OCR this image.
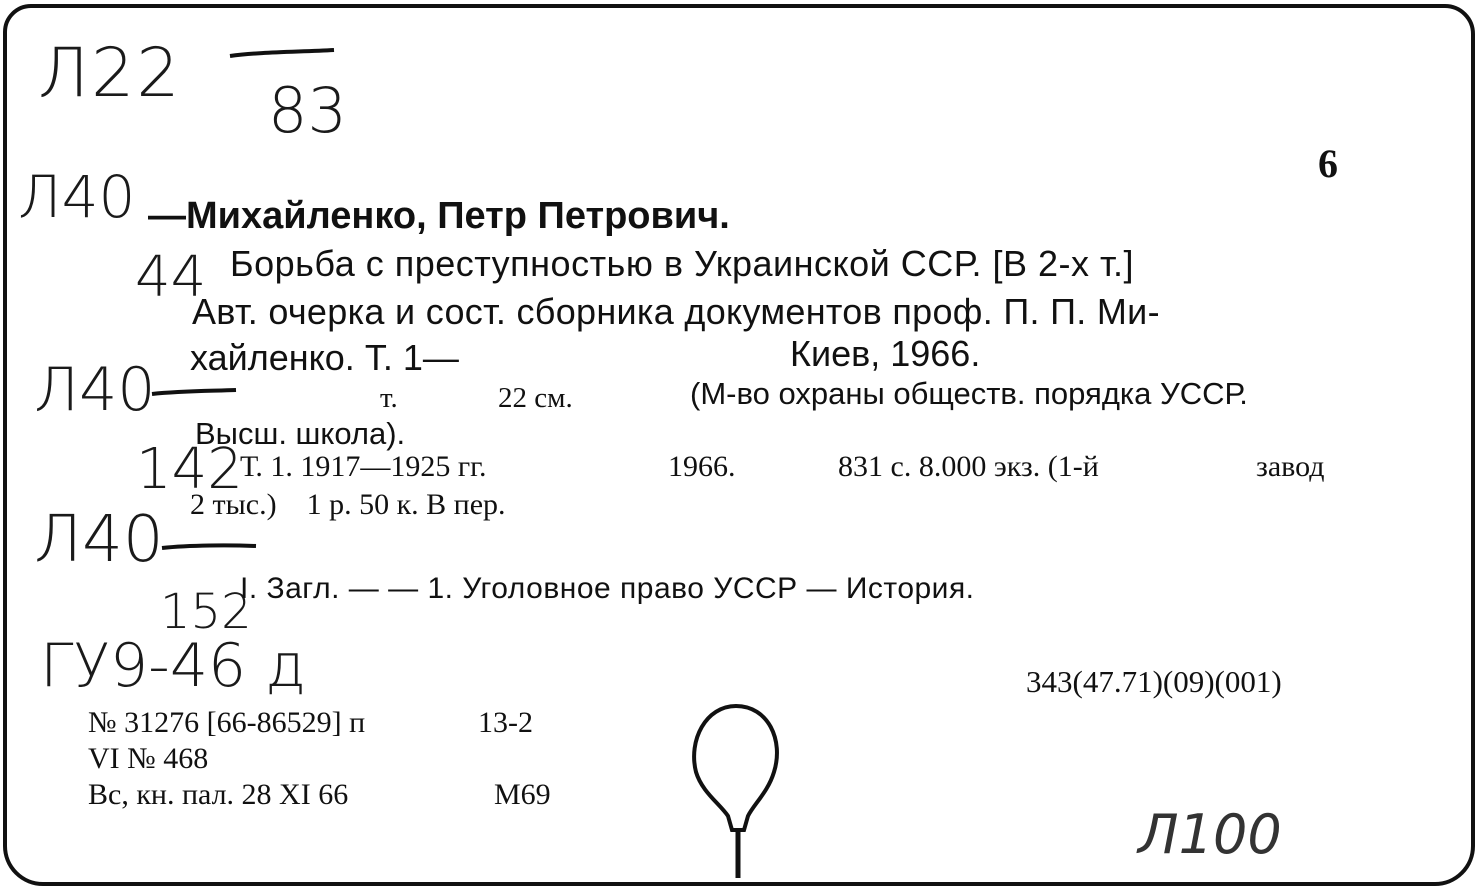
Л22 83
Л40
44
Л40
142
Л40
152
ГУ9-46 д
Л100
6
—Михайленко, Петр Петрович.
Борьба с преступностью в Украинской ССР. [В 2-х т.]
Авт. очерка и сост. сборника документов проф. П. П. Ми-
хайленко. Т. 1—	Киев, 1966.
т.	22 см.	(М-во охраны обществ. порядка УССР.
Высш. школа).
Т. 1. 1917—1925 гг.	1966.	831 с. 8.000 экз. (1-й	завод
2 тыс.)    1 р. 50 к. В пер.
I. Загл. — — 1. Уголовное право УССР — История.
343(47.71)(09)(001)
№ 31276 [66-86529] п	13-2
VI № 468
Вс, кн. пал. 28 XI 66	М69
